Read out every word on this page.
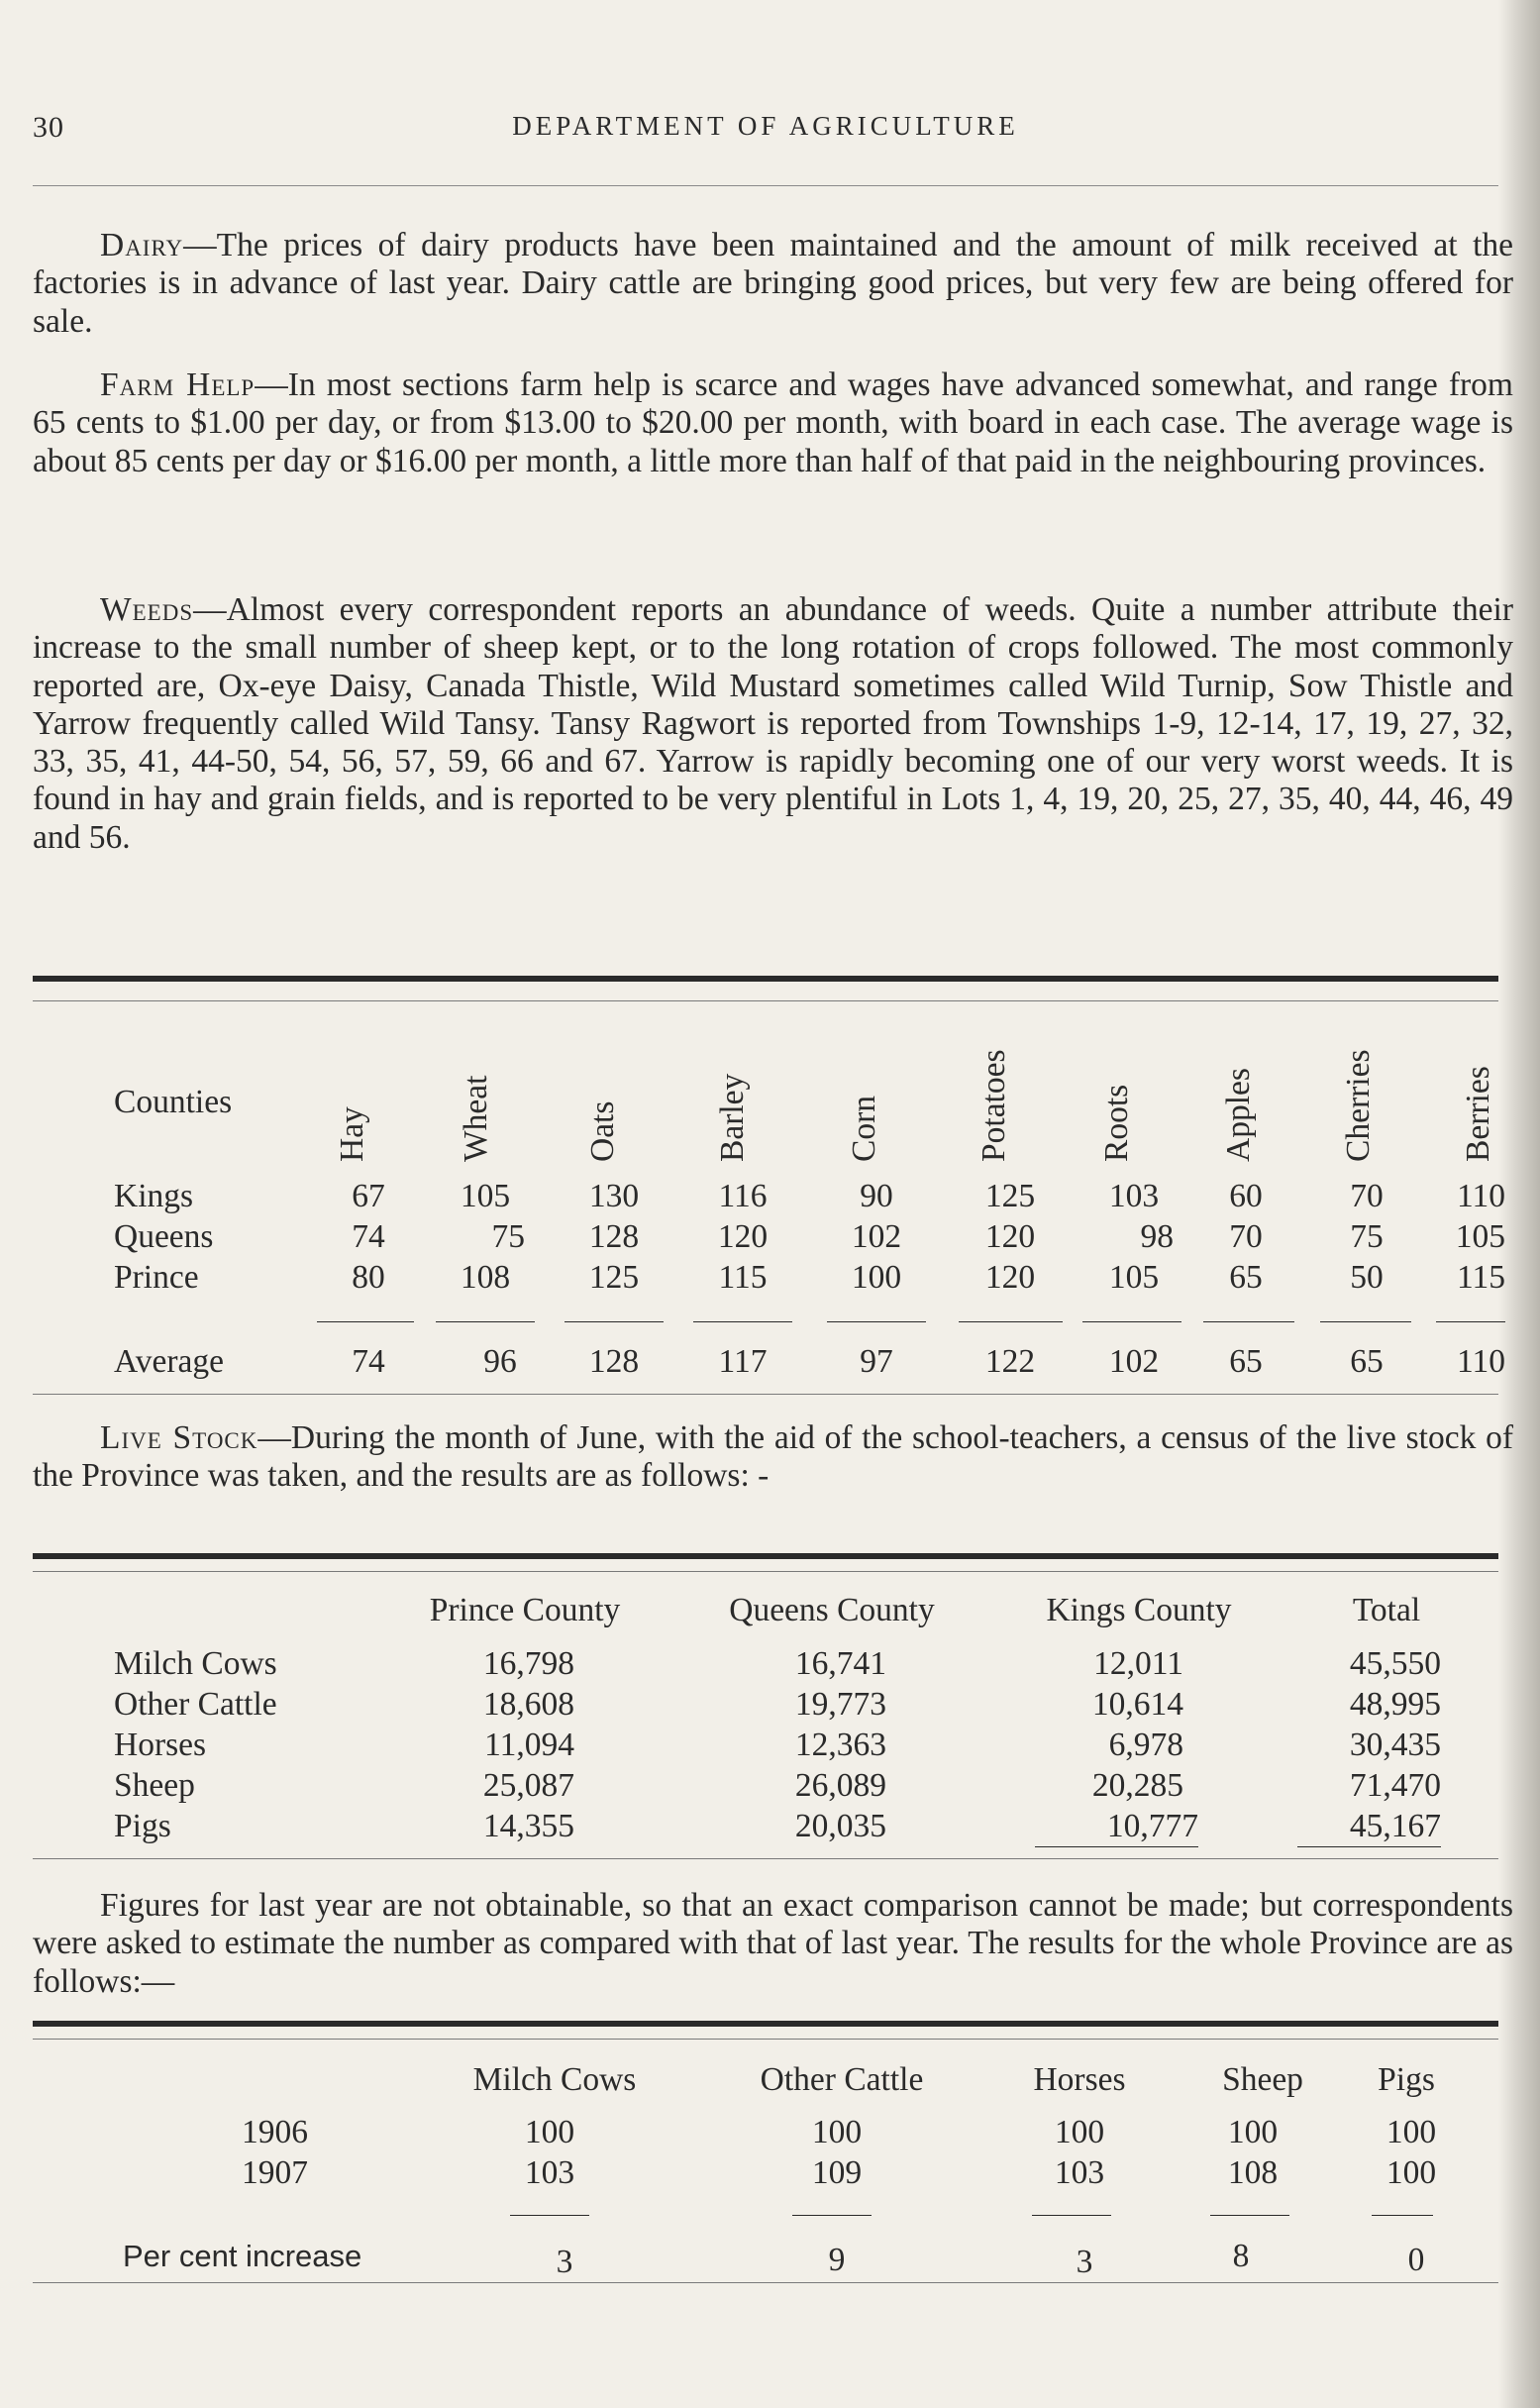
30	DEPARTMENT OF AGRICULTURE

Dairy—The prices of dairy products have been maintained and the amount of milk received at the factories is in advance of last year. Dairy cattle are bringing good prices, but very few are being offered for sale.

Farm Help—In most sections farm help is scarce and wages have advanced somewhat, and range from 65 cents to $1.00 per day, or from $13.00 to $20.00 per month, with board in each case. The average wage is about 85 cents per day or $16.00 per month, a little more than half of that paid in the neighbouring provinces.

Weeds—Almost every correspondent reports an abundance of weeds. Quite a number attribute their increase to the small number of sheep kept, or to the long rotation of crops followed. The most commonly reported are, Ox-eye Daisy, Canada Thistle, Wild Mustard sometimes called Wild Turnip, Sow Thistle and Yarrow frequently called Wild Tansy. Tansy Ragwort is reported from Townships 1-9, 12-14, 17, 19, 27, 32, 33, 35, 41, 44-50, 54, 56, 57, 59, 66 and 67. Yarrow is rapidly becoming one of our very worst weeds. It is found in hay and grain fields, and is reported to be very plentiful in Lots 1, 4, 19, 20, 25, 27, 35, 40, 44, 46, 49 and 56.

Counties
Hay	Wheat	Oats	Barley	Corn	Potatoes	Roots	Apples	Cherries	Berries
Kings	67	105	130	116	90	125	103	60	70	110
Queens	74	75	128	120	102	120	98	70	75	105
Prince	80	108	125	115	100	120	105	65	50	115
Average	74	96	128	117	97	122	102	65	65	110

Live Stock—During the month of June, with the aid of the school-teachers, a census of the live stock of the Province was taken, and the results are as follows: -

Prince County	Queens County	Kings County	Total
Milch Cows	16,798	16,741	12,011	45,550
Other Cattle	18,608	19,773	10,614	48,995
Horses	11,094	12,363	6,978	30,435
Sheep	25,087	26,089	20,285	71,470
Pigs	14,355	20,035	10,777	45,167

Figures for last year are not obtainable, so that an exact comparison cannot be made; but correspondents were asked to estimate the number as compared with that of last year. The results for the whole Province are as follows:—

Milch Cows	Other Cattle	Horses	Sheep	Pigs
1906	100	100	100	100	100
1907	103	109	103	108	100
Per cent increase	3	9	3	8	0
